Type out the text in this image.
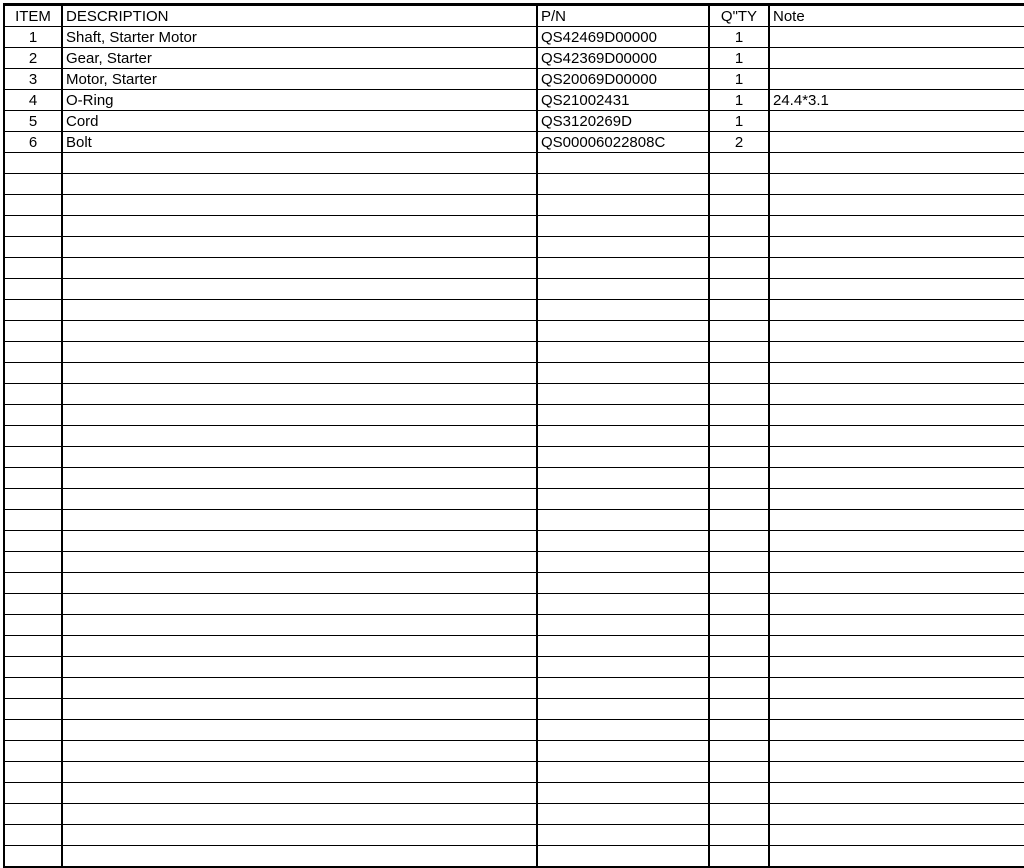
ITEM	DESCRIPTION	P/N	Q"TY	Note
1	Shaft, Starter Motor	QS42469D00000	1	
2	Gear, Starter	QS42369D00000	1	
3	Motor, Starter	QS20069D00000	1	
4	O-Ring	QS21002431	1	24.4*3.1
5	Cord	QS3120269D	1	
6	Bolt	QS00006022808C	2	
